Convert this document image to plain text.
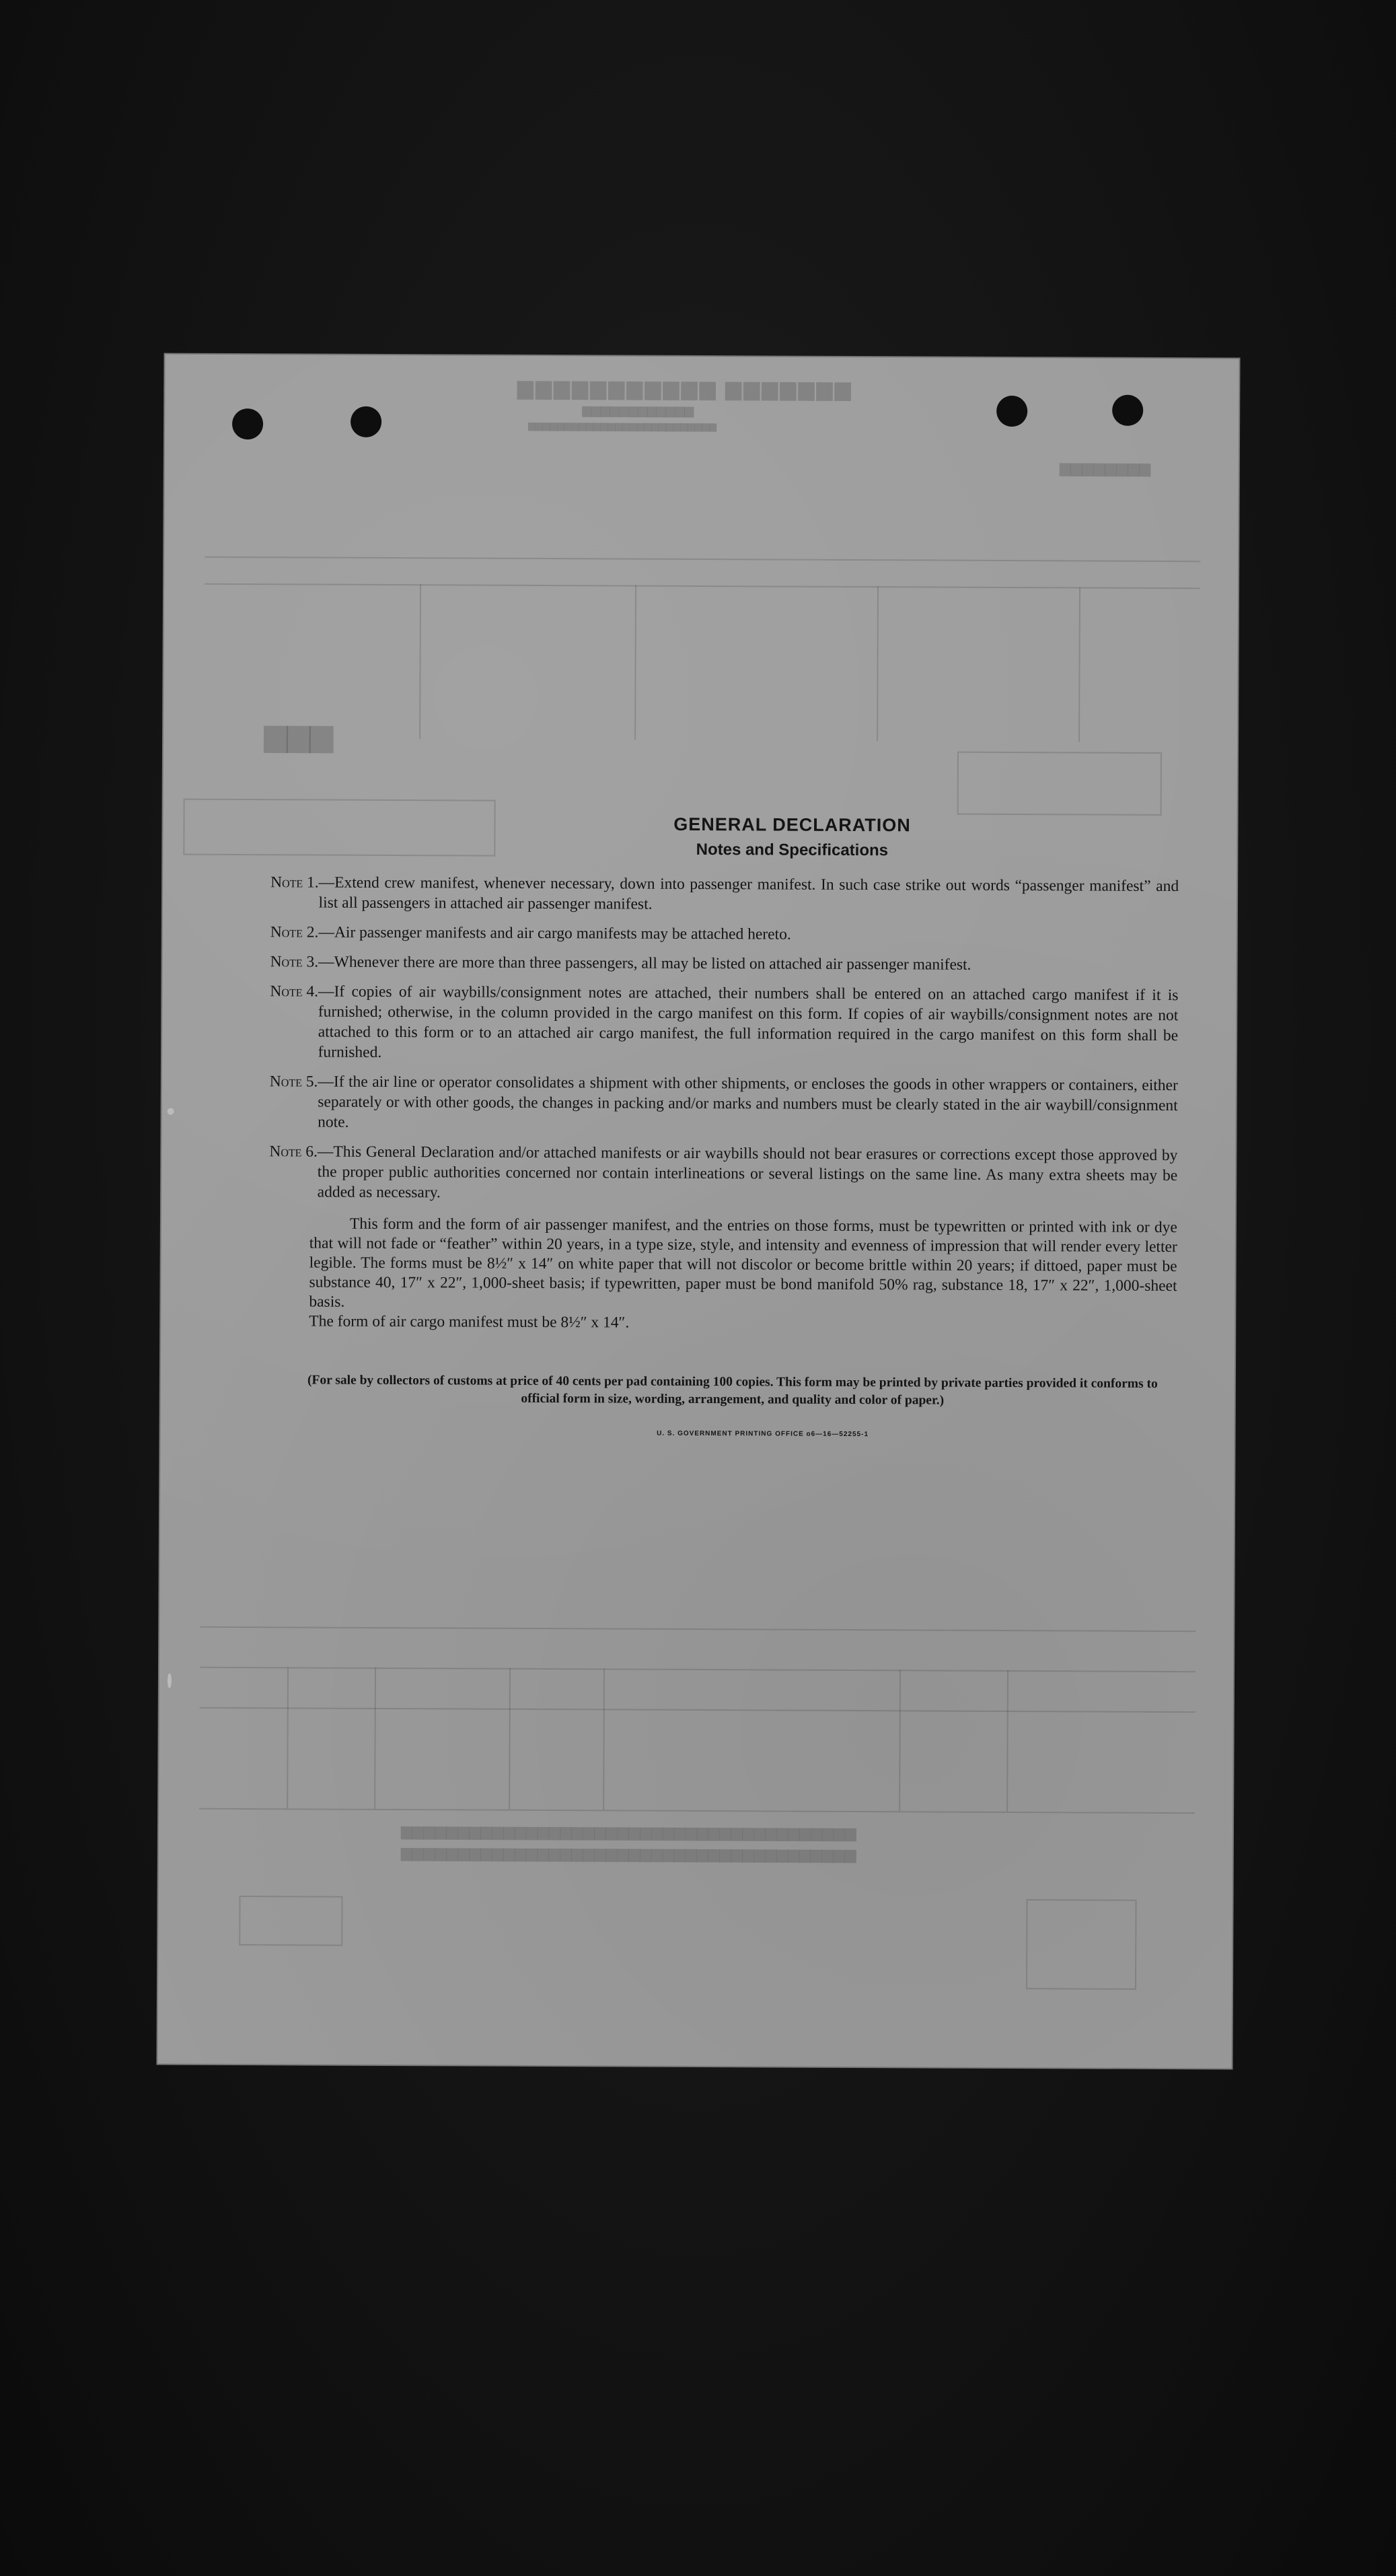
▆▆▆▆▆▆▆ ▆▆▆▆▆▆▆▆▆▆▆
▆▆▆▆▆▆▆▆▆▆▆▆
▆▆▆▆▆▆▆▆▆▆▆▆▆▆▆▆▆▆▆▆▆▆▆▆▆▆
▆▆▆▆▆▆▆▆
▆▆▆
▆▆▆▆▆▆▆▆▆▆▆▆▆▆▆▆▆▆▆▆▆▆▆▆▆▆▆▆▆▆▆▆▆▆▆▆▆▆▆▆
▆▆▆▆▆▆▆▆▆▆▆▆▆▆▆▆▆▆▆▆▆▆▆▆▆▆▆▆▆▆▆▆▆▆▆▆▆▆▆▆
GENERAL DECLARATION
Notes and Specifications
Note 1. —Extend crew manifest, whenever necessary, down into passenger manifest. In such case strike out words “passenger manifest” and list all passengers in attached air passenger manifest.
Note 2. —Air passenger manifests and air cargo manifests may be attached hereto.
Note 3. —Whenever there are more than three passengers, all may be listed on attached air passenger manifest.
Note 4. —If copies of air waybills/consignment notes are attached, their numbers shall be entered on an attached cargo manifest if it is furnished; otherwise, in the column provided in the cargo manifest on this form. If copies of air waybills/consignment notes are not attached to this form or to an attached air cargo manifest, the full information required in the cargo manifest on this form shall be furnished.
Note 5. —If the air line or operator consolidates a shipment with other shipments, or encloses the goods in other wrappers or containers, either separately or with other goods, the changes in packing and/or marks and numbers must be clearly stated in the air waybill/consignment note.
Note 6. —This General Declaration and/or attached manifests or air waybills should not bear erasures or corrections except those approved by the proper public authorities concerned nor contain interlineations or several listings on the same line. As many extra sheets may be added as necessary.
This form and the form of air passenger manifest, and the entries on those forms, must be typewritten or printed with ink or dye that will not fade or “feather” within 20 years, in a type size, style, and intensity and evenness of impression that will render every letter legible. The forms must be 8½″ x 14″ on white paper that will not discolor or become brittle within 20 years; if dittoed, paper must be substance 40, 17″ x 22″, 1,000-sheet basis; if typewritten, paper must be bond manifold 50% rag, substance 18, 17″ x 22″, 1,000-sheet basis.
The form of air cargo manifest must be 8½″ x 14″.
(For sale by collectors of customs at price of 40 cents per pad containing 100 copies. This form may be printed by private parties provided it conforms to official form in size, wording, arrangement, and quality and color of paper.)
U. S. GOVERNMENT PRINTING OFFICE o6—16—52255-1
